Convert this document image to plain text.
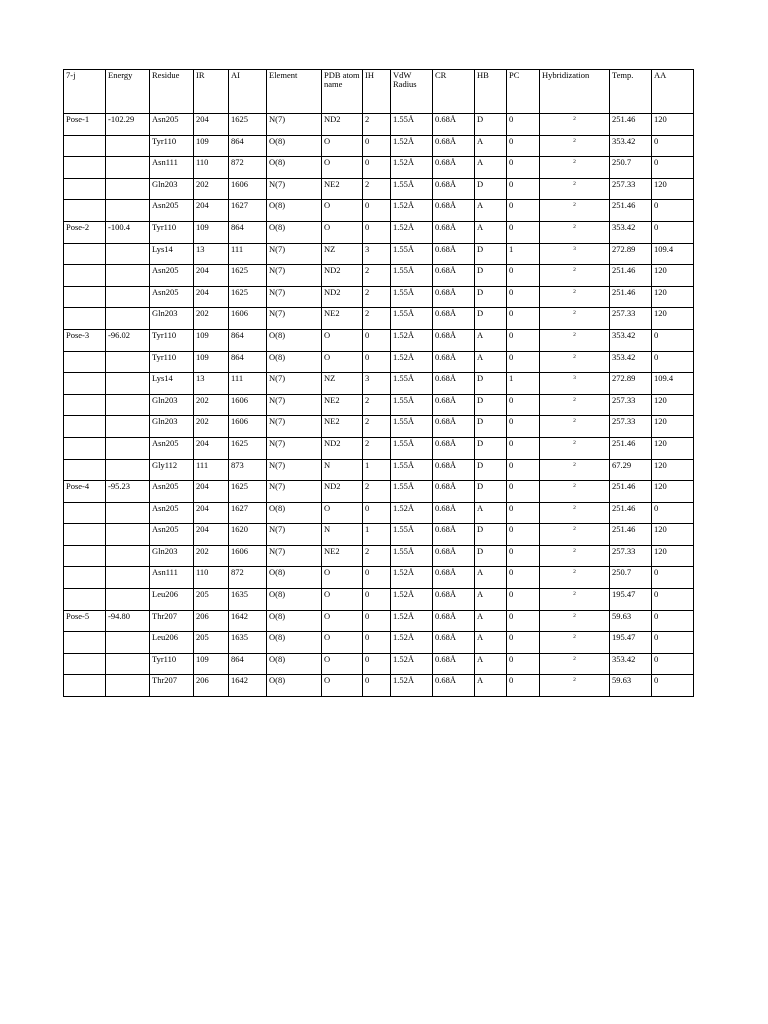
7-j	Energy	Residue	IR	AI	Element	PDB atom name	IH	VdW Radius	CR	HB	PC	Hybridization	Temp.	AA
Pose-1	-102.29	Asn205	204	1625	N(7)	ND2	2	1.55Å	0.68Å	D	0	2	251.46	120
		Tyr110	109	864	O(8)	O	0	1.52Å	0.68Å	A	0	2	353.42	0
		Asn111	110	872	O(8)	O	0	1.52Å	0.68Å	A	0	2	250.7	0
		Gln203	202	1606	N(7)	NE2	2	1.55Å	0.68Å	D	0	2	257.33	120
		Asn205	204	1627	O(8)	O	0	1.52Å	0.68Å	A	0	2	251.46	0
Pose-2	-100.4	Tyr110	109	864	O(8)	O	0	1.52Å	0.68Å	A	0	2	353.42	0
		Lys14	13	111	N(7)	NZ	3	1.55Å	0.68Å	D	1	3	272.89	109.4
		Asn205	204	1625	N(7)	ND2	2	1.55Å	0.68Å	D	0	2	251.46	120
		Asn205	204	1625	N(7)	ND2	2	1.55Å	0.68Å	D	0	2	251.46	120
		Gln203	202	1606	N(7)	NE2	2	1.55Å	0.68Å	D	0	2	257.33	120
Pose-3	-96.02	Tyr110	109	864	O(8)	O	0	1.52Å	0.68Å	A	0	2	353.42	0
		Tyr110	109	864	O(8)	O	0	1.52Å	0.68Å	A	0	2	353.42	0
		Lys14	13	111	N(7)	NZ	3	1.55Å	0.68Å	D	1	3	272.89	109.4
		Gln203	202	1606	N(7)	NE2	2	1.55Å	0.68Å	D	0	2	257.33	120
		Gln203	202	1606	N(7)	NE2	2	1.55Å	0.68Å	D	0	2	257.33	120
		Asn205	204	1625	N(7)	ND2	2	1.55Å	0.68Å	D	0	2	251.46	120
		Gly112	111	873	N(7)	N	1	1.55Å	0.68Å	D	0	2	67.29	120
Pose-4	-95.23	Asn205	204	1625	N(7)	ND2	2	1.55Å	0.68Å	D	0	2	251.46	120
		Asn205	204	1627	O(8)	O	0	1.52Å	0.68Å	A	0	2	251.46	0
		Asn205	204	1620	N(7)	N	1	1.55Å	0.68Å	D	0	2	251.46	120
		Gln203	202	1606	N(7)	NE2	2	1.55Å	0.68Å	D	0	2	257.33	120
		Asn111	110	872	O(8)	O	0	1.52Å	0.68Å	A	0	2	250.7	0
		Leu206	205	1635	O(8)	O	0	1.52Å	0.68Å	A	0	2	195.47	0
Pose-5	-94.80	Thr207	206	1642	O(8)	O	0	1.52Å	0.68Å	A	0	2	59.63	0
		Leu206	205	1635	O(8)	O	0	1.52Å	0.68Å	A	0	2	195.47	0
		Tyr110	109	864	O(8)	O	0	1.52Å	0.68Å	A	0	2	353.42	0
		Thr207	206	1642	O(8)	O	0	1.52Å	0.68Å	A	0	2	59.63	0
